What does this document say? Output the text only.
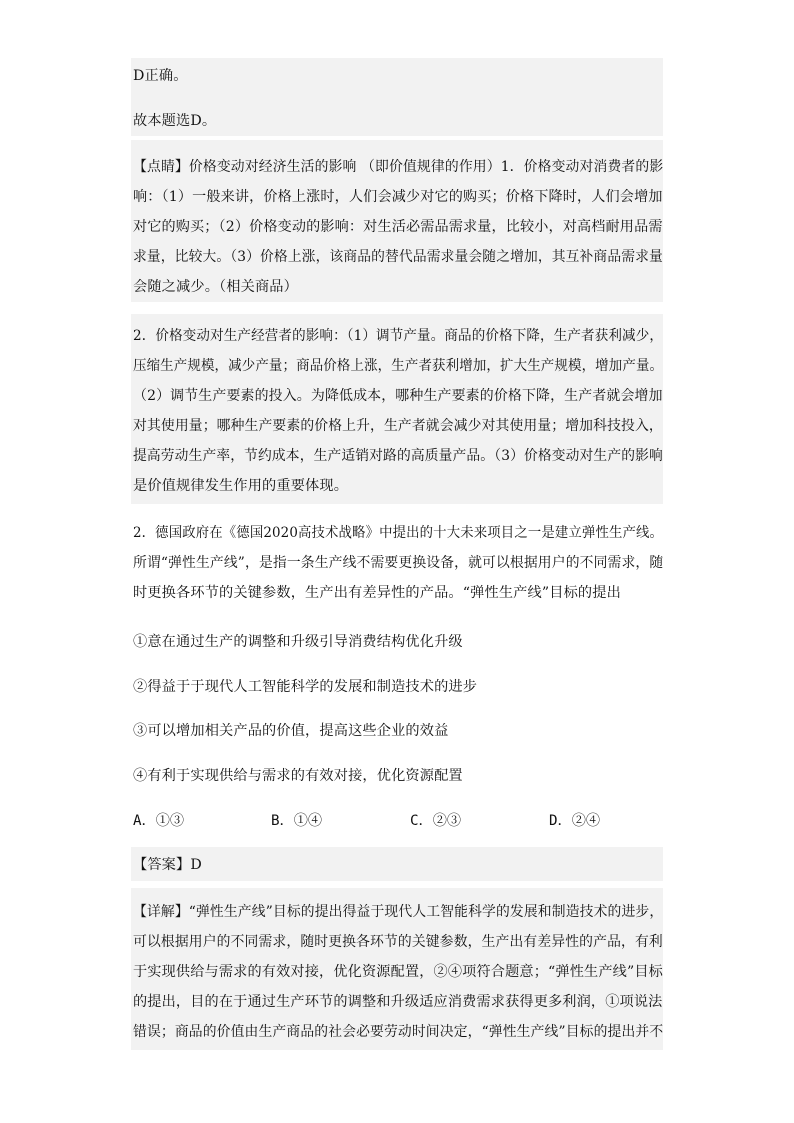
D正确。
故本题选D。
【点睛】价格变动对经济生活的影响 （即价值规律的作用）1．价格变动对消费者的影
响：（1）一般来讲，价格上涨时，人们会减少对它的购买；价格下降时，人们会增加
对它的购买；（2）价格变动的影响：对生活必需品需求量，比较小，对高档耐用品需
求量，比较大。（3）价格上涨，该商品的替代品需求量会随之增加，其互补商品需求量
会随之减少。（相关商品）
2．价格变动对生产经营者的影响：（1）调节产量。商品的价格下降，生产者获利减少，
压缩生产规模，减少产量；商品价格上涨，生产者获利增加，扩大生产规模，增加产量。
（2）调节生产要素的投入。为降低成本，哪种生产要素的价格下降，生产者就会增加
对其使用量；哪种生产要素的价格上升，生产者就会减少对其使用量；增加科技投入，
提高劳动生产率，节约成本，生产适销对路的高质量产品。（3）价格变动对生产的影响
是价值规律发生作用的重要体现。
2．德国政府在《德国2020高技术战略》中提出的十大未来项目之一是建立弹性生产线。
所谓“弹性生产线”，是指一条生产线不需要更换设备，就可以根据用户的不同需求，随
时更换各环节的关键参数，生产出有差异性的产品。“弹性生产线”目标的提出
①意在通过生产的调整和升级引导消费结构优化升级
②得益于于现代人工智能科学的发展和制造技术的进步
③可以增加相关产品的价值，提高这些企业的效益
④有利于实现供给与需求的有效对接，优化资源配置
A．①③	B．①④	C．②③	D．②④
【答案】D
【详解】“弹性生产线”目标的提出得益于现代人工智能科学的发展和制造技术的进步，
可以根据用户的不同需求，随时更换各环节的关键参数，生产出有差异性的产品，有利
于实现供给与需求的有效对接，优化资源配置，②④项符合题意；“弹性生产线”目标
的提出，目的在于通过生产环节的调整和升级适应消费需求获得更多利润，①项说法
错误；商品的价值由生产商品的社会必要劳动时间决定，“弹性生产线”目标的提出并不
